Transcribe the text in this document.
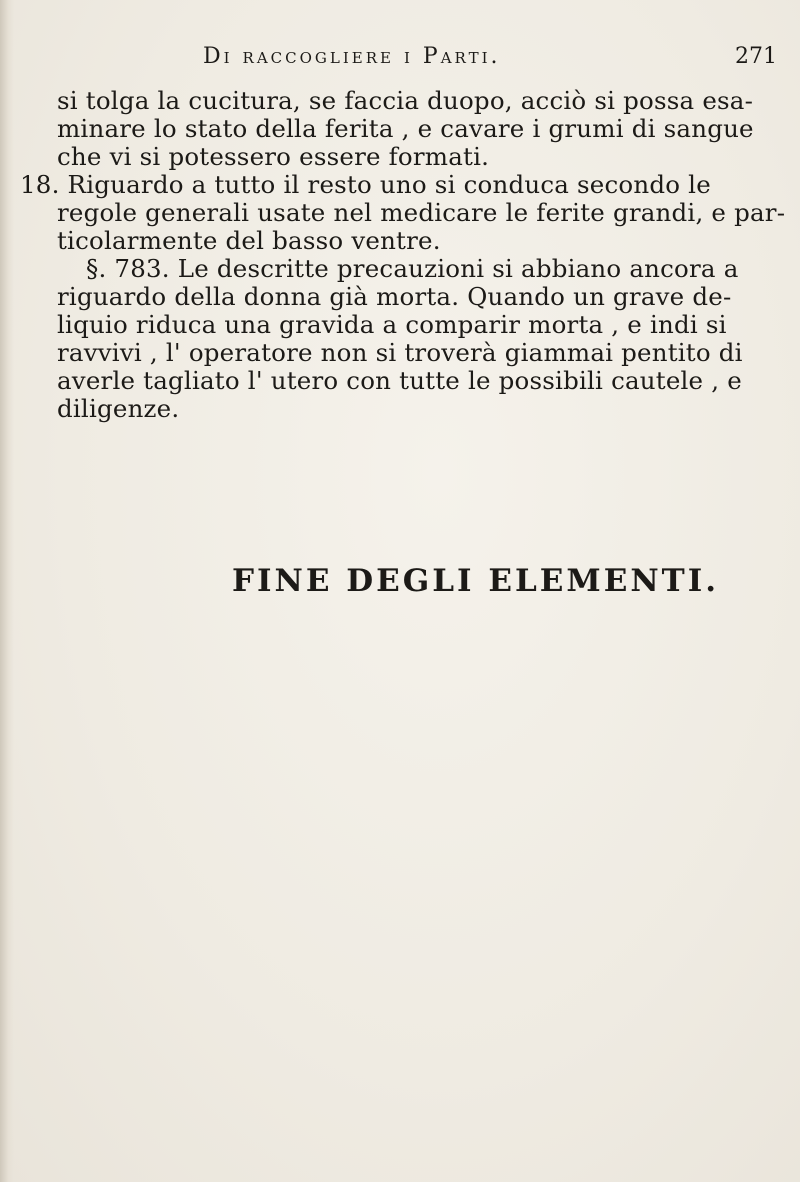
Di raccogliere i Parti.	271
si tolga la cucitura, se faccia duopo, acciò si possa esa-
minare lo stato della ferita , e cavare i grumi di sangue
che vi si potessero essere formati.
18. Riguardo a tutto il resto uno si conduca secondo le
regole generali usate nel medicare le ferite grandi, e par-
ticolarmente del basso ventre.
§. 783. Le descritte precauzioni si abbiano ancora a
riguardo della donna già morta. Quando un grave de-
liquio riduca una gravida a comparir morta , e indi si
ravvivi , l' operatore non si troverà giammai pentito di
averle tagliato l' utero con tutte le possibili cautele , e
diligenze.
FINE DEGLI ELEMENTI.
